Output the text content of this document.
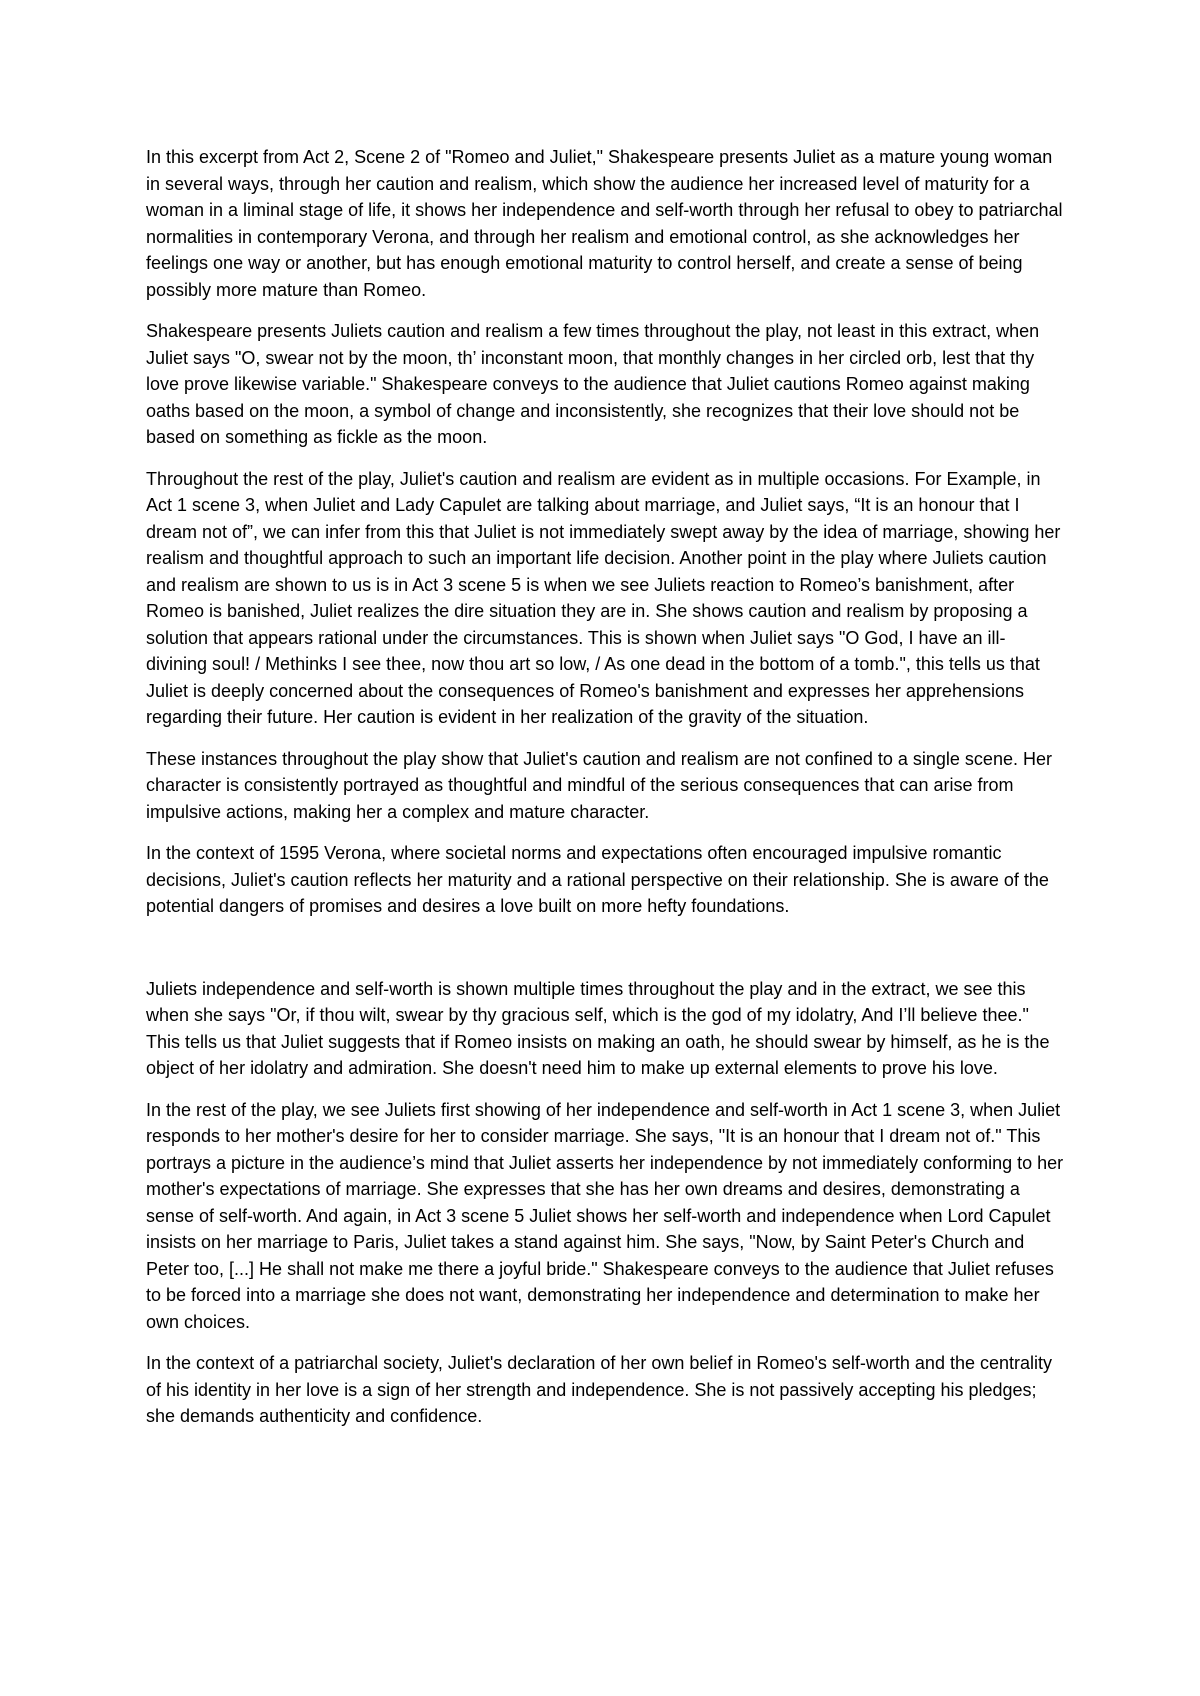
In this excerpt from Act 2, Scene 2 of "Romeo and Juliet," Shakespeare presents Juliet as a mature young woman in several ways, through her caution and realism, which show the audience her increased level of maturity for a woman in a liminal stage of life, it shows her independence and self-worth through her refusal to obey to patriarchal normalities in contemporary Verona, and through her realism and emotional control, as she acknowledges her feelings one way or another, but has enough emotional maturity to control herself, and create a sense of being possibly more mature than Romeo.

Shakespeare presents Juliets caution and realism a few times throughout the play, not least in this extract, when Juliet says "O, swear not by the moon, th’ inconstant moon, that monthly changes in her circled orb, lest that thy love prove likewise variable." Shakespeare conveys to the audience that Juliet cautions Romeo against making oaths based on the moon, a symbol of change and inconsistently, she recognizes that their love should not be based on something as fickle as the moon.

Throughout the rest of the play, Juliet's caution and realism are evident as in multiple occasions. For Example, in Act 1 scene 3, when Juliet and Lady Capulet are talking about marriage, and Juliet says, “It is an honour that I dream not of”, we can infer from this that Juliet is not immediately swept away by the idea of marriage, showing her realism and thoughtful approach to such an important life decision. Another point in the play where Juliets caution and realism are shown to us is in Act 3 scene 5 is when we see Juliets reaction to Romeo’s banishment, after Romeo is banished, Juliet realizes the dire situation they are in. She shows caution and realism by proposing a solution that appears rational under the circumstances. This is shown when Juliet says "O God, I have an ill-divining soul! / Methinks I see thee, now thou art so low, / As one dead in the bottom of a tomb.", this tells us that Juliet is deeply concerned about the consequences of Romeo's banishment and expresses her apprehensions regarding their future. Her caution is evident in her realization of the gravity of the situation.

These instances throughout the play show that Juliet's caution and realism are not confined to a single scene. Her character is consistently portrayed as thoughtful and mindful of the serious consequences that can arise from impulsive actions, making her a complex and mature character.

In the context of 1595 Verona, where societal norms and expectations often encouraged impulsive romantic decisions, Juliet's caution reflects her maturity and a rational perspective on their relationship. She is aware of the potential dangers of promises and desires a love built on more hefty foundations.

Juliets independence and self-worth is shown multiple times throughout the play and in the extract, we see this when she says "Or, if thou wilt, swear by thy gracious self, which is the god of my idolatry, And I’ll believe thee." This tells us that Juliet suggests that if Romeo insists on making an oath, he should swear by himself, as he is the object of her idolatry and admiration. She doesn't need him to make up external elements to prove his love.

In the rest of the play, we see Juliets first showing of her independence and self-worth in Act 1 scene 3, when Juliet responds to her mother's desire for her to consider marriage. She says, "It is an honour that I dream not of." This portrays a picture in the audience’s mind that Juliet asserts her independence by not immediately conforming to her mother's expectations of marriage. She expresses that she has her own dreams and desires, demonstrating a sense of self-worth. And again, in Act 3 scene 5 Juliet shows her self-worth and independence when Lord Capulet insists on her marriage to Paris, Juliet takes a stand against him. She says, "Now, by Saint Peter's Church and Peter too, [...] He shall not make me there a joyful bride." Shakespeare conveys to the audience that Juliet refuses to be forced into a marriage she does not want, demonstrating her independence and determination to make her own choices.

In the context of a patriarchal society, Juliet's declaration of her own belief in Romeo's self-worth and the centrality of his identity in her love is a sign of her strength and independence. She is not passively accepting his pledges; she demands authenticity and confidence.
